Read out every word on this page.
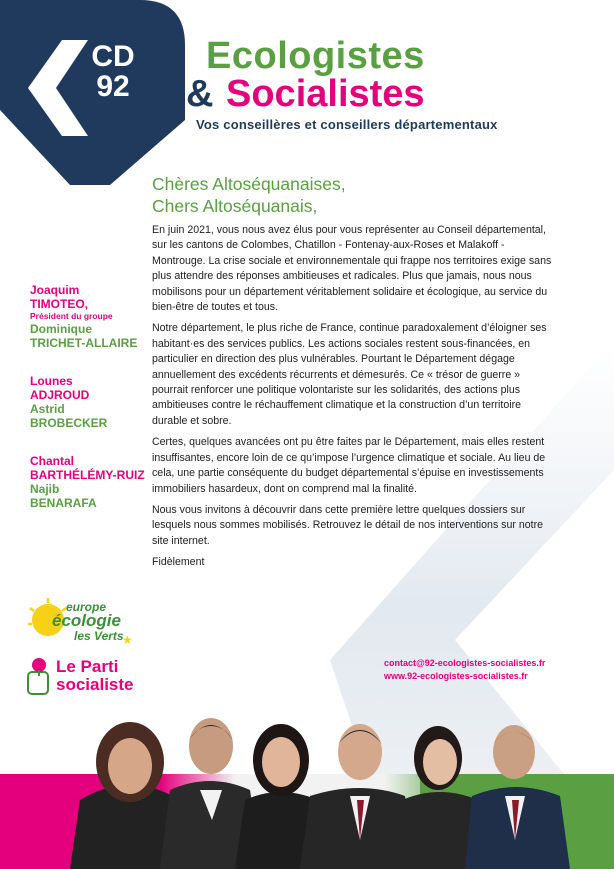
CD
92
Ecologistes
& Socialistes
Vos conseillères et conseillers départementaux
Chères Altoséquanaises,
Chers Altoséquanais,

En juin 2021, vous nous avez élus pour vous représenter au Conseil départemental, sur les cantons de Colombes, Chatillon - Fontenay-aux-Roses et Malakoff - Montrouge. La crise sociale et environnementale qui frappe nos territoires exige sans plus attendre des réponses ambitieuses et radicales. Plus que jamais, nous nous mobilisons pour un département véritablement solidaire et écologique, au service du bien-être de toutes et tous.

Notre département, le plus riche de France, continue paradoxalement d’éloigner ses habitant·es des services publics. Les actions sociales restent sous-financées, en particulier en direction des plus vulnérables. Pourtant le Département dégage annuellement des excédents récurrents et démesurés. Ce « trésor de guerre » pourrait renforcer une politique volontariste sur les solidarités, des actions plus ambitieuses contre le réchauffement climatique et la construction d’un territoire durable et sobre.

Certes, quelques avancées ont pu être faites par le Département, mais elles restent insuffisantes, encore loin de ce qu’impose l’urgence climatique et sociale. Au lieu de cela, une partie conséquente du budget départemental s’épuise en investissements immobiliers hasardeux, dont on comprend mal la finalité.

Nous vous invitons à découvrir dans cette première lettre quelques dossiers sur lesquels nous sommes mobilisés. Retrouvez le détail de nos interventions sur notre site internet.

Fidèlement

Joaquim
TIMOTEO,
Président du groupe
Dominique
TRICHET-ALLAIRE
Lounes
ADJROUD
Astrid
BROBECKER
Chantal
BARTHÉLÉMY-RUIZ
Najib
BENARAFA
★
europe
écologie
les Verts
Le Parti
socialiste
contact@92-ecologistes-socialistes.fr
www.92-ecologistes-socialistes.fr
